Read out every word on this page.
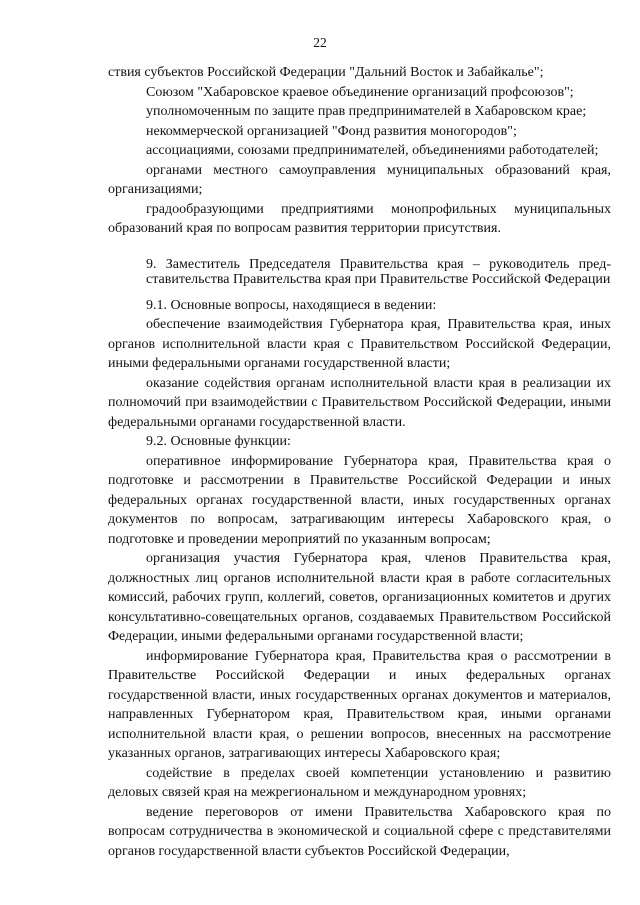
22

ствия субъектов Российской Федерации "Дальний Восток и Забайкалье";

Союзом "Хабаровское краевое объединение организаций профсоюзов";

уполномоченным по защите прав предпринимателей в Хабаровском крае;

некоммерческой организацией "Фонд развития моногородов";

ассоциациями, союзами предпринимателей, объединениями работодателей;

органами местного самоуправления муниципальных образований края, организациями;

градообразующими предприятиями монопрофильных муниципальных образований края по вопросам развития территории присутствия.

9. Заместитель Председателя Правительства края – руководитель представительства Правительства края при Правительстве Российской Федерации

9.1. Основные вопросы, находящиеся в ведении:

обеспечение взаимодействия Губернатора края, Правительства края, иных органов исполнительной власти края с Правительством Российской Федерации, иными федеральными органами государственной власти;

оказание содействия органам исполнительной власти края в реализации их полномочий при взаимодействии с Правительством Российской Федерации, иными федеральными органами государственной власти.

9.2. Основные функции:

оперативное информирование Губернатора края, Правительства края о подготовке и рассмотрении в Правительстве Российской Федерации и иных федеральных органах государственной власти, иных государственных органах документов по вопросам, затрагивающим интересы Хабаровского края, о подготовке и проведении мероприятий по указанным вопросам;

организация участия Губернатора края, членов Правительства края, должностных лиц органов исполнительной власти края в работе согласительных комиссий, рабочих групп, коллегий, советов, организационных комитетов и других консультативно-совещательных органов, создаваемых Правительством Российской Федерации, иными федеральными органами государственной власти;

информирование Губернатора края, Правительства края о рассмотрении в Правительстве Российской Федерации и иных федеральных органах государственной власти, иных государственных органах документов и материалов, направленных Губернатором края, Правительством края, иными органами исполнительной власти края, о решении вопросов, внесенных на рассмотрение указанных органов, затрагивающих интересы Хабаровского края;

содействие в пределах своей компетенции установлению и развитию деловых связей края на межрегиональном и международном уровнях;

ведение переговоров от имени Правительства Хабаровского края по вопросам сотрудничества в экономической и социальной сфере с представителями органов государственной власти субъектов Российской Федерации,
